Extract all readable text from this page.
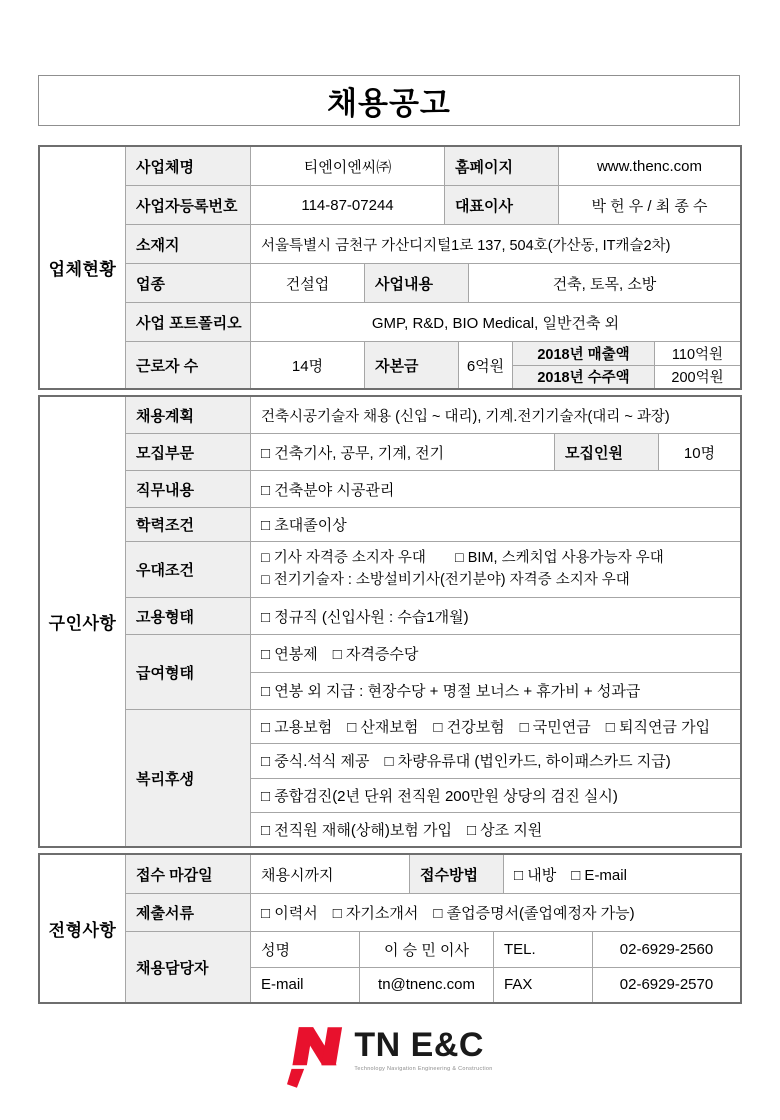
채용공고
업체현황
사업체명	티엔이엔씨㈜	홈페이지	www.thenc.com
사업자등록번호	114-87-07244	대표이사	박 헌 우 / 최 종 수
소재지	서울특별시 금천구 가산디지털1로 137, 504호(가산동, IT캐슬2차)
업종	건설업	사업내용	건축, 토목, 소방
사업 포트폴리오	GMP, R&D, BIO Medical, 일반건축 외
근로자 수	14명	자본금	6억원
2018년 매출액	110억원
2018년 수주액	200억원
구인사항
채용계획	건축시공기술자 채용 (신입 ~ 대리), 기계.전기기술자(대리 ~ 과장)
모집부문	□ 건축기사, 공무, 기계, 전기	모집인원	10명
직무내용	□ 건축분야 시공관리
학력조건	□ 초대졸이상
우대조건
□ 기사 자격증 소지자 우대　　□ BIM, 스케치업 사용가능자 우대
□ 전기기술자 : 소방설비기사(전기분야) 자격증 소지자 우대
고용형태	□ 정규직 (신입사원 : 수습1개월)
급여형태
□ 연봉제　□ 자격증수당
□ 연봉 외 지급 : 현장수당 + 명절 보너스 + 휴가비 + 성과급
복리후생
□ 고용보험　□ 산재보험　□ 건강보험　□ 국민연금　□ 퇴직연금 가입
□ 중식.석식 제공　□ 차량유류대 (법인카드, 하이패스카드 지급)
□ 종합검진(2년 단위 전직원 200만원 상당의 검진 실시)
□ 전직원 재해(상해)보험 가입　□ 상조 지원
전형사항
접수 마감일	채용시까지	접수방법	□ 내방　□ E-mail
제출서류	□ 이력서　□ 자기소개서　□ 졸업증명서(졸업예정자 가능)
채용담당자
성명	이 승 민 이사	TEL.	02-6929-2560
E-mail	tn@tnenc.com	FAX	02-6929-2570
TN E&C
Technology Navigation Engineering & Construction
